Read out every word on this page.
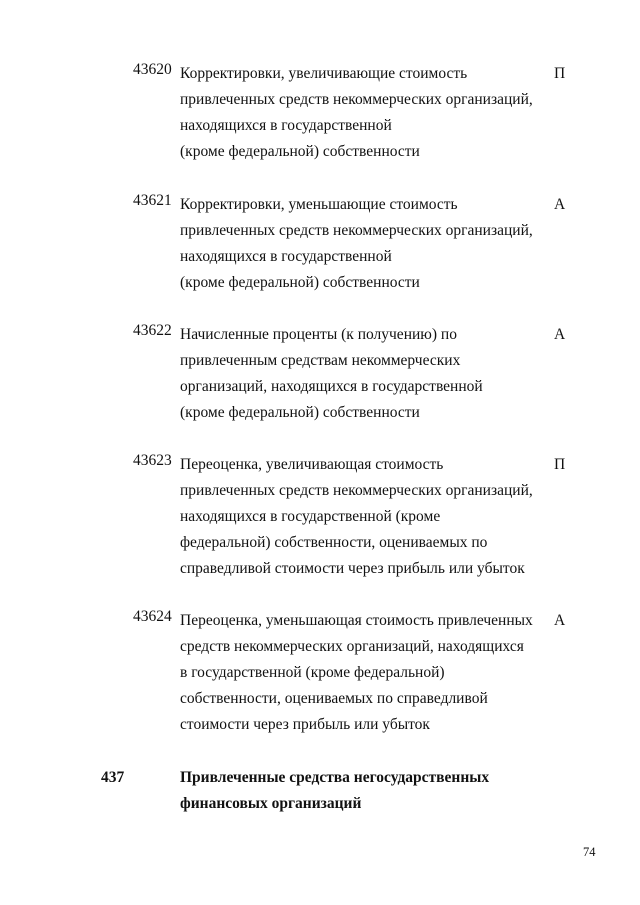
43620 Корректировки, увеличивающие стоимость
привлеченных средств некоммерческих организаций,
находящихся в государственной
(кроме федеральной) собственности
П
43621 Корректировки, уменьшающие стоимость
привлеченных средств некоммерческих организаций,
находящихся в государственной
(кроме федеральной) собственности
А
43622 Начисленные проценты (к получению) по
привлеченным средствам некоммерческих
организаций, находящихся в государственной
(кроме федеральной) собственности
А
43623 Переоценка, увеличивающая стоимость
привлеченных средств некоммерческих организаций,
находящихся в государственной (кроме
федеральной) собственности, оцениваемых по
справедливой стоимости через прибыль или убыток
П
43624 Переоценка, уменьшающая стоимость привлеченных
средств некоммерческих организаций, находящихся
в государственной (кроме федеральной)
собственности, оцениваемых по справедливой
стоимости через прибыль или убыток
А
437	Привлеченные средства негосударственных
финансовых организаций
74
